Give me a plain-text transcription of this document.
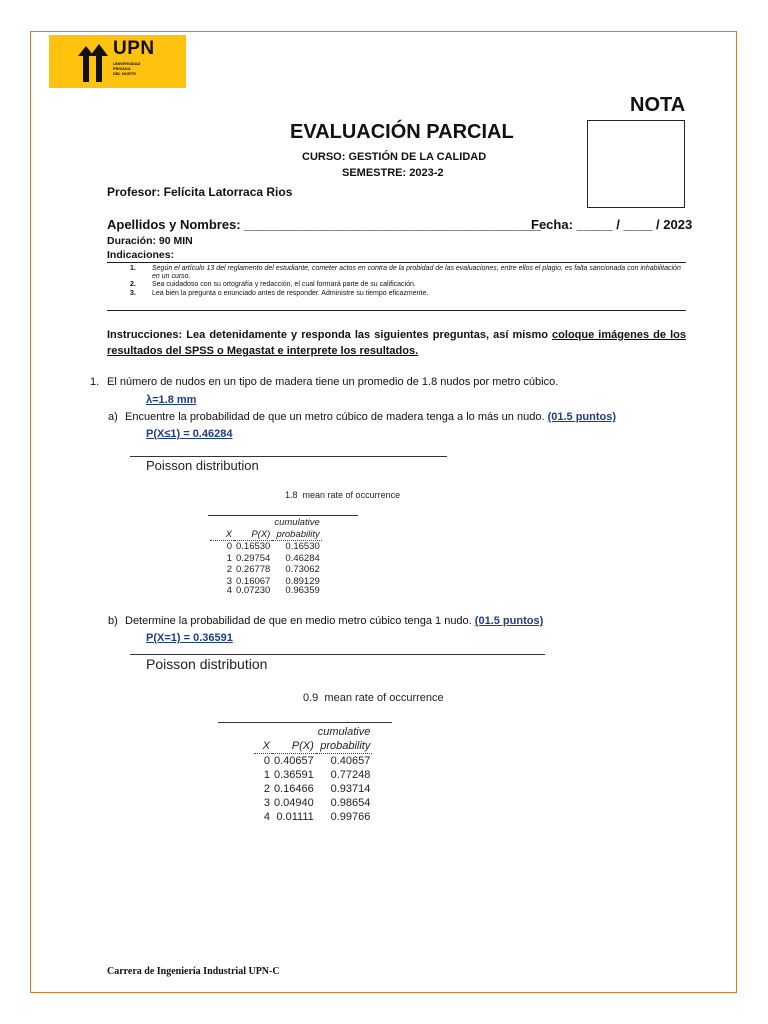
UPN
UNIVERSIDAD
PRIVADA
DEL NORTE
NOTA
EVALUACIÓN PARCIAL
CURSO: GESTIÓN DE LA CALIDAD
SEMESTRE: 2023-2
Profesor: Felícita Latorraca Rios
Apellidos y Nombres: _________________________________________
Fecha: _____ / ____ / 2023
Duración: 90 MIN
Indicaciones:
1. Según el artículo 13 del reglamento del estudiante, cometer actos en contra de la probidad de las evaluaciones, entre ellos el plagio, es falta sancionada con inhabilitación en un curso.
2. Sea cuidadoso con su ortografía y redacción, el cual formará parte de su calificación.
3. Lea bien la pregunta o enunciado antes de responder. Administre su tiempo eficazmente.
Instrucciones: Lea detenidamente y responda las siguientes preguntas, así mismo coloque imágenes de los resultados del SPSS o Megastat e interprete los resultados.
1. El número de nudos en un tipo de madera tiene un promedio de 1.8 nudos por metro cúbico.
λ=1.8 mm
a) Encuentre la probabilidad de que un metro cúbico de madera tenga a lo más un nudo. (01.5 puntos)
P(X≤1) = 0.46284
Poisson distribution
1.8 mean rate of occurrence
		cumulative
X	P(X)	probability
0	0.16530	0.16530
1	0.29754	0.46284
2	0.26778	0.73062
3	0.16067	0.89129
4	0.07230	0.96359
b) Determine la probabilidad de que en medio metro cúbico tenga 1 nudo. (01.5 puntos)
P(X=1) = 0.36591
Poisson distribution
0.9 mean rate of occurrence
		cumulative
X	P(X)	probability
0	0.40657	0.40657
1	0.36591	0.77248
2	0.16466	0.93714
3	0.04940	0.98654
4	0.01111	0.99766
Carrera de Ingeniería Industrial UPN-C
